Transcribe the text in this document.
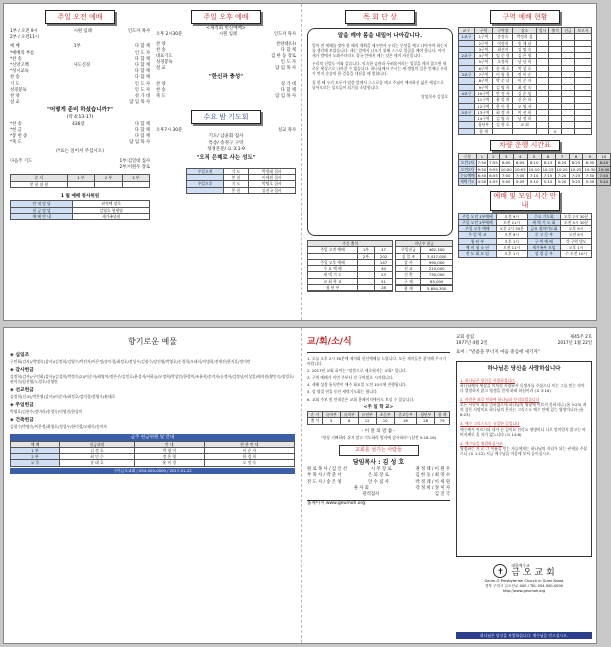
주일 오전 예배
1부 / 오전 9시	시원 입례	인도자 목사
2부 / 오전11시
예 배	1부	다 함 께
*예배의 부름	인 도 자
*찬 송	다 함 께
*신앙고백	사도신경	다 함 께
*성시교독	다 함 께
찬 송	다 함 께
기 도	인 도 자
성경봉독	인 도 자
찬 양	성 가 대
설 교	담 임 목 사
"어떻게 준비 하셨습니까?"
(막 4:13-17)
*찬 송	436장	다 함 께
*헌 금	다 함 께
*봉 헌 송	다 함 께
*축 도	담 임 목 사
(*표는 일어서 주십시오)
다음주 기도	1부:김일대 집사
2부:이원우 장로
순 서	1 부	2 부	3 부
봉 헌 위 원			
1 월 예배 봉사위원
안 내 담 당	권혁택 장로
헌 금 담 당	김영호 형제팀
예 배 안 내	새가족위원
주일 오후 예배
<제직회 헌신예배>
오후 2시30분	시원 입례	인도자 목사
찬 양	찬양대(다)
찬 송	다 함 께
대표기도	김 한 동 장로
성경봉독	인 도 자
설 교	담 임 목 사
"한신과 충성"
찬 양	성 가 대
찬 송	다 함 께
축 도	담 임 목 사
수요 밤 기도회
오후7시 30분	설교 목사
기도/ 남윤회 집사
특송/ 송정구 구역
성경본문/ 요 3:1-9
"오직 은혜로 사는 성도"
주일오전	기 도	박정래 집사
	봉 헌	이세원 집사
주일오후	기 도	박병호 집사
	봉 헌	김진국 집사
목 회 단 상
알을 깨야 몸을 내밀어 나아갑니다.
얼마 전 새해를 맞아 한 해의 계획을 세우면서 우리는 무엇을 깨고 나아가야 하는지를 생각해 보았습니다. 새는 알에서 나오기 위해 스스로 껍질을 깨야 합니다. 어미 새가 밖에서 도와주더라도 결국 안에서 깨는 것은 새끼 자신입니다.
우리의 신앙도 이와 같습니다. 익숙한 습관과 두려움이라는 껍질을 깨지 않으면 새로운 세상으로 나아갈 수 없습니다. 하나님께서 주시는 새 생명의 길은 언제나 우리가 먼저 순종의 한 걸음을 내딛을 때 열립니다.
올 한 해 우리 모두가 말씀 앞에서 스스로를 깨고 주님이 예비하신 넓은 세상으로 날아오르는 성도들이 되기를 소망합니다.
담임목사 김성호
주간 출석		
주일 오전 예배	1부	47
	2부	202
주일 오후 예배		147
수 요 예 배		40
새 벽 기 도		23
교 회 학 교		51
청 년 부		28

지난주 헌금	
주일헌금	462,300
십 일 조	3,417,000
감 사	990,000
선 교	210,000
건 축	730,000
구 제	85,000

합 계	5,894,300
구역 예배 현황
교구	구역	구역장	장소	일시	출석	헌금	보고서
1교구	1구역	송정숙	박정희 집				
	2구역	이정희	송 제 남				
	3구역	최선자	김 명 숙				
2교구	4구역	임 순 경	김 은 영				
	5구역	오정희	남 남 희				
	6구역	송 제 호	박 상 호				
3교구	7구역	이 영 경	정 이 순				
	8구역	박 순 녀	이 순 자				
	9구역	김 영 희	최 정 숙				
4교구	10구역	안 정 자	김 순 임				
	11구역	윤 정 희	신 은 희				
	12구역	한 미 경	오 영 자				
5교구	13구역	최 정 자	이 선 희				
	14구역	김 영 숙	남 정 희				
	청년부	김 형 호	교 회				
	합 계				0		
차량 운행 시간표
구분	1	2	3	4	5	6	7	8	9	10
오전1차	7:50	7:55	8:00	8:05	8:10	8:15	8:20	8:25	8:30	8:40
오전2차	9:50	9:55	10:00	10:05	10:10	10:15	10:20	10:25	10:30	10:40
수요예배	6:50	6:55	7:00	7:05	7:10	7:15	7:20	7:25	7:30	7:40
새벽기도	4:50	4:55	5:00	5:05	5:10	5:15	5:20	5:25	5:30	5:40
예배 및 모임 시간 안내
주일 오전 1부예배	오전 9시	수요 기도회	오후 7시 30분
주일 오전 2부예배	오전 11시	새 벽 기 도 회	오전 5시 30분
주일 오후 예배	오후 2시 30분	금요 철야기도회	오후 9시
주 일 학 교	오전 9시	중 고 등 부	오전 9시
청 년 부	오후 1시	구 역 예 배	각 구역 별도
예 비 청 소 년	오전 11시	새가족부 모임	오후 1시
전 도 회 모 임	오후 1시	성 경 공 부	수 오전 10시
향기로운 예물
◈ 십일조
구인회(감사)/박명숙(감사)/김정희/김영수/박선자/이은정/송미경/최정호/정성우/김철수/강진영/박영호/손경희/오태식/이명희/전세진/한지훈/정미란
◈ 감사헌금
강정희(감사)/구인회(감사)/김성희/박정숙(2)/이순자/최영미/정은주/김민호/윤성자/서하늘/오정희/박상민/한경미/조윤희/송미자/유정아/김정남/이상훈/배지원/황인숙/장경호/권미숙/임선영/노정호/신영란
◈ 선교헌금
김정희(선교)/박은영(감사)/이순자/최정호/강미경/정영숙/윤태호
◈ 주일헌금
박영호/김현주/정미라/송경숙/이영진/한상미
◈ 건축헌금
김철수/박명숙/이은정/최영호/정성우/한미경/오태식/송미자
금주 헌금위원 및 안내
예 배	헌금위원	안 내	현 관 안 내
1 부	김 정 호	박 영 미	이 순 자
2 부	최 민 수	정 은 영	한 경 희
오 후	송 태 호	윤 미 경	오 정 숙
구미금오교회 / 054-000-0000 / 2017-01-22
교/회/소/식
1. 오늘 오후 2시 30분에 제직회 헌신예배를 드립니다. 모든 제직들은 참석해 주시기 바랍니다.
2. 2017년 교회 표어는 "말씀으로 새로워지는 교회" 입니다.
3. 구역 예배가 이번 주부터 각 구역별로 시작됩니다.
4. 새해 성경 통독반이 매주 화요일 오전 10시에 진행됩니다.
5. 설 명절 연휴 동안 새벽기도회는 쉽니다.
6. 교회 주보 및 안내문은 교회 홈페이지에서도 보실 수 있습니다.
<주 일 학 교>
순 서	유아부	유치부	유년부	초등부	중고등부	청년부	합 계
출 석	5	8	12	10	16	28	79
- 이 달 의 말 씀 -
"항상 기뻐하라 쉬지 말고 기도하라 범사에 감사하라" (살전 5:16-18)
교회를 섬기는 사람들
담임목사 : 김 성 호
원 로 목 사 / 김 인 선	시 무 장 로	권 정 택 / 이 원 우
부 목 사 / 박 준 서	은 퇴 장 로	김 한 동 / 최 영 수
전 도 사 / 송 은 영	안 수 집 사	박 정 래 / 이 세 원
권 사 회	강 정 희 / 정 미 자
관리집사	김 진 국
홈페이지 www.geumoh.org
교회 설립	제45주 2호
1977년 4월 2일	2017년 1월 22일
표어 : "말씀을 무너지 마음 중심에 새기자"
하나님은 당신을 사랑하십니다
1. 하나님은 당신을 사랑하십니다
하나님께서 세상을 이처럼 사랑하사 독생자를 주셨으니 이는 그를 믿는 자마다 멸망하지 않고 영생을 얻게 하려 하심이라 (요 3:16)
2. 사람은 죄로 인하여 하나님과 분리되었습니다
모든 사람이 죄를 범하였으매 하나님의 영광에 이르지 못하더니 (롬 3:23) 죄의 삯은 사망이요 하나님의 은사는 그리스도 예수 안에 있는 영생이니라 (롬 6:23)
3. 예수 그리스도는 유일한 길입니다
예수께서 이르시되 내가 곧 길이요 진리요 생명이니 나로 말미암지 않고는 아버지께로 올 자가 없느니라 (요 14:6)
4. 예수님을 영접하십시오
영접하는 자 곧 그 이름을 믿는 자들에게는 하나님의 자녀가 되는 권세를 주셨으니 (요 1:12) 지금 예수님을 마음에 모셔 들이십시오.
✝
대한예수교
금 오 교 회
Geum-O Presbyterian Church in Gumi Korea
경북 구미시 금오산로 000 / TEL 054-000-0000
http://www.geumoh.org
하나님은 당신을 사랑하십니다. 예수님을 믿으십시오.
